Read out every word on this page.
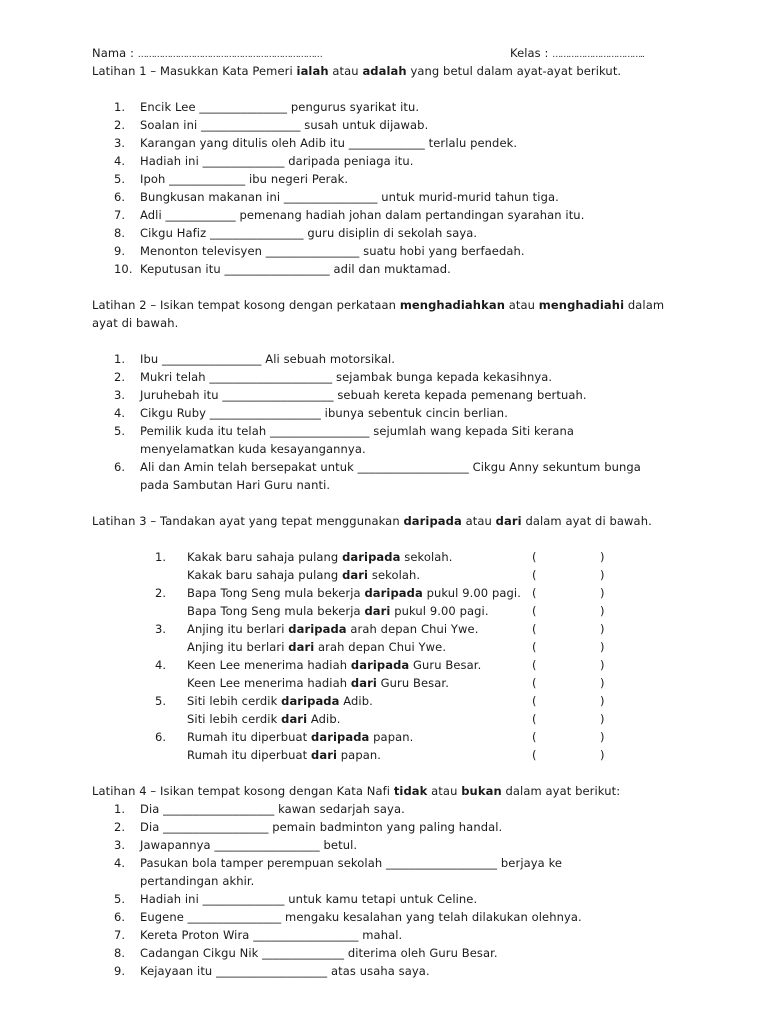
Nama : ……………………………………………………………	Kelas : ……………………………..
Latihan 1 – Masukkan Kata Pemeri ialah atau adalah yang betul dalam ayat-ayat berikut.
1. Encik Lee _______________ pengurus syarikat itu.
2. Soalan ini _________________ susah untuk dijawab.
3. Karangan yang ditulis oleh Adib itu _____________ terlalu pendek.
4. Hadiah ini ______________ daripada peniaga itu.
5. Ipoh _____________ ibu negeri Perak.
6. Bungkusan makanan ini ________________ untuk murid-murid tahun tiga.
7. Adli ____________ pemenang hadiah johan dalam pertandingan syarahan itu.
8. Cikgu Hafiz ________________ guru disiplin di sekolah saya.
9. Menonton televisyen ________________ suatu hobi yang berfaedah.
10. Keputusan itu __________________ adil dan muktamad.
Latihan 2 – Isikan tempat kosong dengan perkataan menghadiahkan atau menghadiahi dalam
ayat di bawah.
1. Ibu _________________ Ali sebuah motorsikal.
2. Mukri telah _____________________ sejambak bunga kepada kekasihnya.
3. Juruhebah itu ___________________ sebuah kereta kepada pemenang bertuah.
4. Cikgu Ruby ___________________ ibunya sebentuk cincin berlian.
5. Pemilik kuda itu telah _________________ sejumlah wang kepada Siti kerana
menyelamatkan kuda kesayangannya.
6. Ali dan Amin telah bersepakat untuk ___________________ Cikgu Anny sekuntum bunga
pada Sambutan Hari Guru nanti.
Latihan 3 – Tandakan ayat yang tepat menggunakan daripada atau dari dalam ayat di bawah.
1. Kakak baru sahaja pulang daripada sekolah.	(	)
Kakak baru sahaja pulang dari sekolah.	(	)
2. Bapa Tong Seng mula bekerja daripada pukul 9.00 pagi. (	)
Bapa Tong Seng mula bekerja dari pukul 9.00 pagi.	(	)
3. Anjing itu berlari daripada arah depan Chui Ywe.	(	)
Anjing itu berlari dari arah depan Chui Ywe.	(	)
4. Keen Lee menerima hadiah daripada Guru Besar.	(	)
Keen Lee menerima hadiah dari Guru Besar.	(	)
5. Siti lebih cerdik daripada Adib.	(	)
Siti lebih cerdik dari Adib.	(	)
6. Rumah itu diperbuat daripada papan.	(	)
Rumah itu diperbuat dari papan.	(	)
Latihan 4 – Isikan tempat kosong dengan Kata Nafi tidak atau bukan dalam ayat berikut:
1. Dia ___________________ kawan sedarjah saya.
2. Dia __________________ pemain badminton yang paling handal.
3. Jawapannya __________________ betul.
4. Pasukan bola tamper perempuan sekolah ___________________ berjaya ke
pertandingan akhir.
5. Hadiah ini ______________ untuk kamu tetapi untuk Celine.
6. Eugene ________________ mengaku kesalahan yang telah dilakukan olehnya.
7. Kereta Proton Wira __________________ mahal.
8. Cadangan Cikgu Nik ______________ diterima oleh Guru Besar.
9. Kejayaan itu ___________________ atas usaha saya.
